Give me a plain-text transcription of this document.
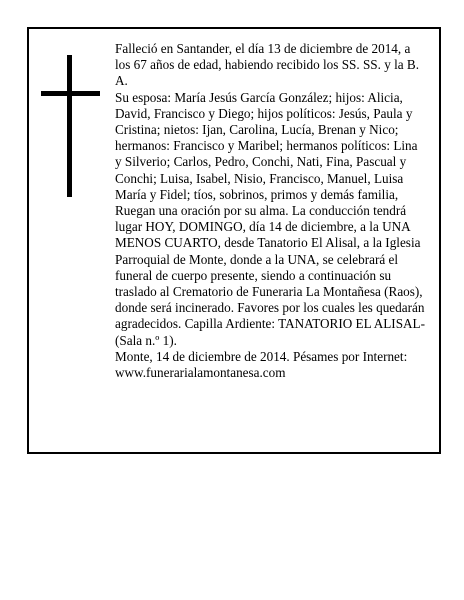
Falleció en Santander, el día 13 de diciembre de 2014, a los 67 años de edad, habiendo recibido los SS. SS. y la B. A.

Su esposa: María Jesús García González; hijos: Alicia, David, Francisco y Diego; hijos políticos: Jesús, Paula y Cristina; nietos: Ijan, Carolina, Lucía, Brenan y Nico; hermanos: Francisco y Maribel; hermanos políticos: Lina y Silverio; Carlos, Pedro, Conchi, Nati, Fina, Pascual y Conchi; Luisa, Isabel, Nisio, Francisco, Manuel, Luisa María y Fidel; tíos, sobrinos, primos y demás familia,

Ruegan una oración por su alma. La conducción tendrá lugar HOY, DOMINGO, día 14 de diciembre, a la UNA MENOS CUARTO, desde Tanatorio El Alisal, a la Iglesia Parroquial de Monte, donde a la UNA, se celebrará el funeral de cuerpo presente, siendo a continuación su traslado al Crematorio de Funeraria La Montañesa (Raos), donde será incinerado. Favores por los cuales les quedarán agradecidos. Capilla Ardiente: TANATORIO EL ALISAL-(Sala n.º 1).

Monte, 14 de diciembre de 2014. Pésames por Internet: www.funerarialamontanesa.com
